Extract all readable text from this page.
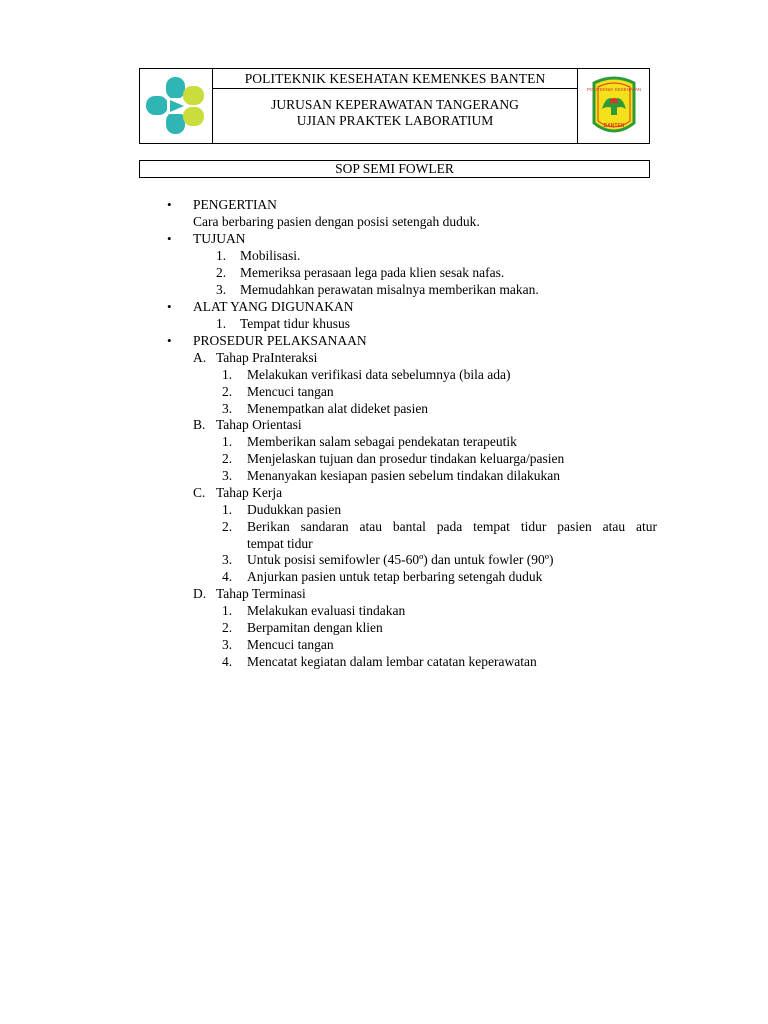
POLITEKNIK KESEHATAN KEMENKES BANTEN
JURUSAN KEPERAWATAN TANGERANG
UJIAN PRAKTEK LABORATIUM
POLITEKNIK KESEHATAN
BANTEN
SOP SEMI FOWLER
• PENGERTIAN
Cara berbaring pasien dengan posisi setengah duduk.
• TUJUAN
1. Mobilisasi.
2. Memeriksa perasaan lega pada klien sesak nafas.
3. Memudahkan perawatan misalnya memberikan makan.
• ALAT YANG DIGUNAKAN
1. Tempat tidur khusus
• PROSEDUR PELAKSANAAN
A. Tahap PraInteraksi
1. Melakukan verifikasi data sebelumnya (bila ada)
2. Mencuci tangan
3. Menempatkan alat dideket pasien
B. Tahap Orientasi
1. Memberikan salam sebagai pendekatan terapeutik
2. Menjelaskan tujuan dan prosedur tindakan keluarga/pasien
3. Menanyakan kesiapan pasien sebelum tindakan dilakukan
C. Tahap Kerja
1. Dudukkan pasien
2. Berikan sandaran atau bantal pada tempat tidur pasien atau atur
tempat tidur
3. Untuk posisi semifowler (45-60º) dan untuk fowler (90º)
4. Anjurkan pasien untuk tetap berbaring setengah duduk
D. Tahap Terminasi
1. Melakukan evaluasi tindakan
2. Berpamitan dengan klien
3. Mencuci tangan
4. Mencatat kegiatan dalam lembar catatan keperawatan
